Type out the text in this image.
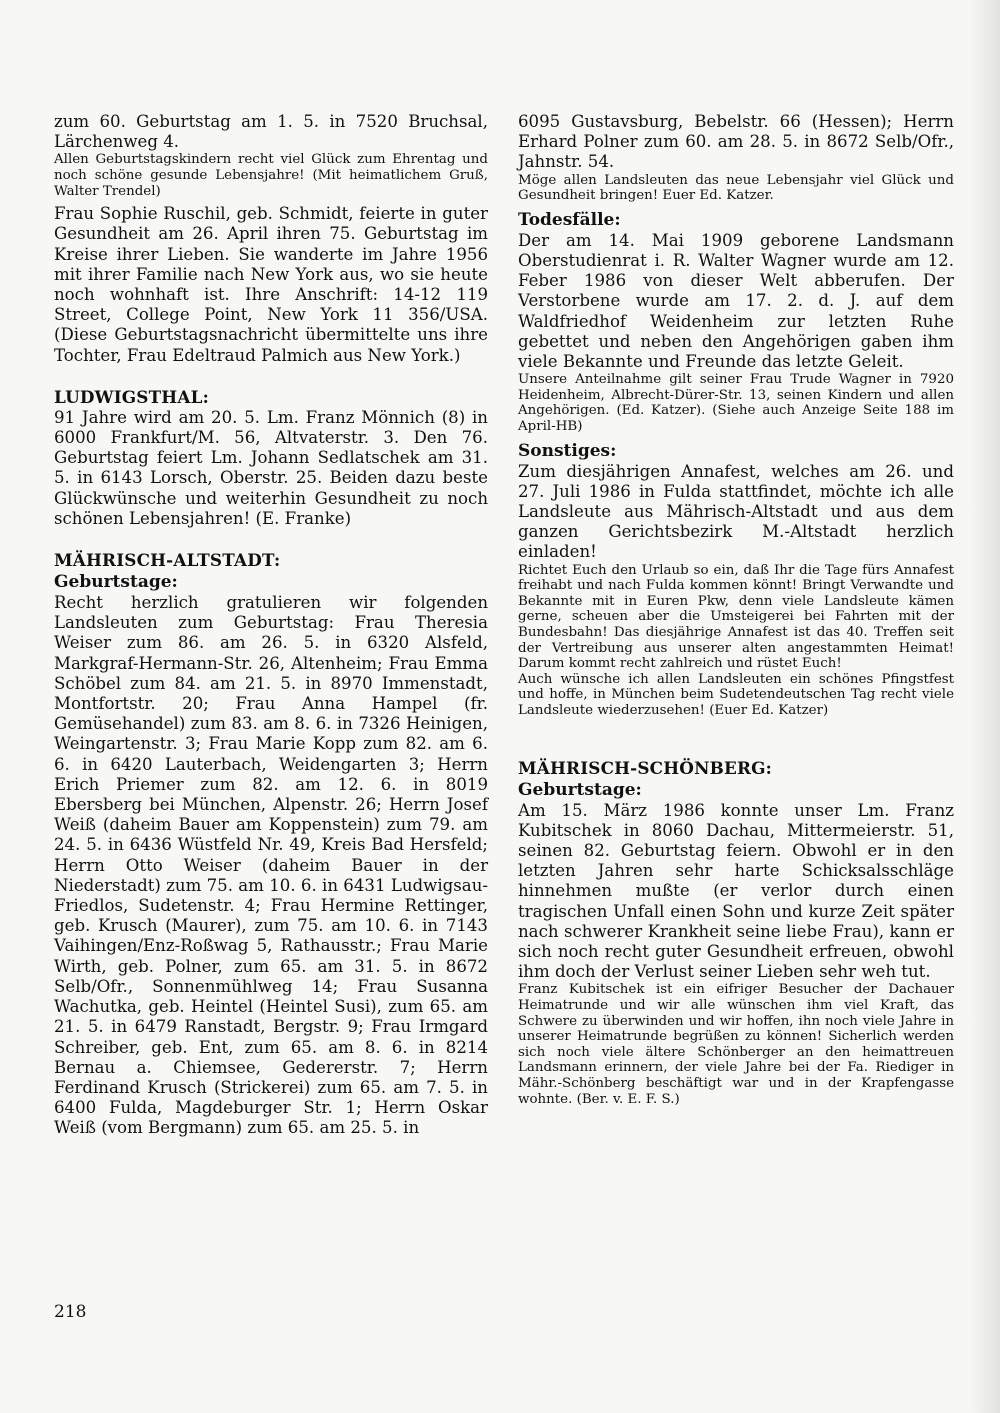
zum 60. Geburtstag am 1. 5. in 7520 Bruchsal, Lärchenweg 4.

Allen Geburtstagskindern recht viel Glück zum Ehrentag und noch schöne gesunde Lebensjahre! (Mit heimatlichem Gruß, Walter Trendel)

Frau Sophie Ruschil, geb. Schmidt, feierte in guter Gesundheit am 26. April ihren 75. Geburtstag im Kreise ihrer Lieben. Sie wanderte im Jahre 1956 mit ihrer Familie nach New York aus, wo sie heute noch wohnhaft ist. Ihre Anschrift: 14-12 119 Street, College Point, New York 11 356/USA. (Diese Geburtstagsnachricht übermittelte uns ihre Tochter, Frau Edeltraud Palmich aus New York.)

LUDWIGSTHAL:

91 Jahre wird am 20. 5. Lm. Franz Mönnich (8) in 6000 Frankfurt/M. 56, Altvaterstr. 3. Den 76. Geburtstag feiert Lm. Johann Sedlatschek am 31. 5. in 6143 Lorsch, Oberstr. 25. Beiden dazu beste Glückwünsche und weiterhin Gesundheit zu noch schönen Lebensjahren! (E. Franke)

MÄHRISCH-ALTSTADT:

Geburtstage:

Recht herzlich gratulieren wir folgenden Landsleuten zum Geburtstag: Frau Theresia Weiser zum 86. am 26. 5. in 6320 Alsfeld, Markgraf-Hermann-Str. 26, Altenheim; Frau Emma Schöbel zum 84. am 21. 5. in 8970 Immenstadt, Montfortstr. 20; Frau Anna Hampel (fr. Gemüsehandel) zum 83. am 8. 6. in 7326 Heinigen, Weingartenstr. 3; Frau Marie Kopp zum 82. am 6. 6. in 6420 Lauterbach, Weidengarten 3; Herrn Erich Priemer zum 82. am 12. 6. in 8019 Ebersberg bei München, Alpenstr. 26; Herrn Josef Weiß (daheim Bauer am Koppenstein) zum 79. am 24. 5. in 6436 Wüstfeld Nr. 49, Kreis Bad Hersfeld; Herrn Otto Weiser (daheim Bauer in der Niederstadt) zum 75. am 10. 6. in 6431 Ludwigsau-Friedlos, Sudetenstr. 4; Frau Hermine Rettinger, geb. Krusch (Maurer), zum 75. am 10. 6. in 7143 Vaihingen/Enz-Roßwag 5, Rathausstr.; Frau Marie Wirth, geb. Polner, zum 65. am 31. 5. in 8672 Selb/Ofr., Sonnenmühlweg 14; Frau Susanna Wachutka, geb. Heintel (Heintel Susi), zum 65. am 21. 5. in 6479 Ranstadt, Bergstr. 9; Frau Irmgard Schreiber, geb. Ent, zum 65. am 8. 6. in 8214 Bernau a. Chiemsee, Gedererstr. 7; Herrn Ferdinand Krusch (Strickerei) zum 65. am 7. 5. in 6400 Fulda, Magdeburger Str. 1; Herrn Oskar Weiß (vom Bergmann) zum 65. am 25. 5. in

6095 Gustavsburg, Bebelstr. 66 (Hessen); Herrn Erhard Polner zum 60. am 28. 5. in 8672 Selb/Ofr., Jahnstr. 54.

Möge allen Landsleuten das neue Lebensjahr viel Glück und Gesundheit bringen! Euer Ed. Katzer.

Todesfälle:

Der am 14. Mai 1909 geborene Landsmann Oberstudienrat i. R. Walter Wagner wurde am 12. Feber 1986 von dieser Welt abberufen. Der Verstorbene wurde am 17. 2. d. J. auf dem Waldfriedhof Weidenheim zur letzten Ruhe gebettet und neben den Angehörigen gaben ihm viele Bekannte und Freunde das letzte Geleit.

Unsere Anteilnahme gilt seiner Frau Trude Wagner in 7920 Heidenheim, Albrecht-Dürer-Str. 13, seinen Kindern und allen Angehörigen. (Ed. Katzer). (Siehe auch Anzeige Seite 188 im April-HB)

Sonstiges:

Zum diesjährigen Annafest, welches am 26. und 27. Juli 1986 in Fulda stattfindet, möchte ich alle Landsleute aus Mährisch-Altstadt und aus dem ganzen Gerichtsbezirk M.-Altstadt herzlich einladen!

Richtet Euch den Urlaub so ein, daß Ihr die Tage fürs Annafest freihabt und nach Fulda kommen könnt! Bringt Verwandte und Bekannte mit in Euren Pkw, denn viele Landsleute kämen gerne, scheuen aber die Umsteigerei bei Fahrten mit der Bundesbahn! Das diesjährige Annafest ist das 40. Treffen seit der Vertreibung aus unserer alten angestammten Heimat! Darum kommt recht zahlreich und rüstet Euch!

Auch wünsche ich allen Landsleuten ein schönes Pfingstfest und hoffe, in München beim Sudetendeutschen Tag recht viele Landsleute wiederzusehen! (Euer Ed. Katzer)

MÄHRISCH-SCHÖNBERG:

Geburtstage:

Am 15. März 1986 konnte unser Lm. Franz Kubitschek in 8060 Dachau, Mittermeierstr. 51, seinen 82. Geburtstag feiern. Obwohl er in den letzten Jahren sehr harte Schicksalsschläge hinnehmen mußte (er verlor durch einen tragischen Unfall einen Sohn und kurze Zeit später nach schwerer Krankheit seine liebe Frau), kann er sich noch recht guter Gesundheit erfreuen, obwohl ihm doch der Verlust seiner Lieben sehr weh tut.

Franz Kubitschek ist ein eifriger Besucher der Dachauer Heimatrunde und wir alle wünschen ihm viel Kraft, das Schwere zu überwinden und wir hoffen, ihn noch viele Jahre in unserer Heimatrunde begrüßen zu können! Sicherlich werden sich noch viele ältere Schönberger an den heimattreuen Landsmann erinnern, der viele Jahre bei der Fa. Riediger in Mähr.-Schönberg beschäftigt war und in der Krapfengasse wohnte. (Ber. v. E. F. S.)

218
